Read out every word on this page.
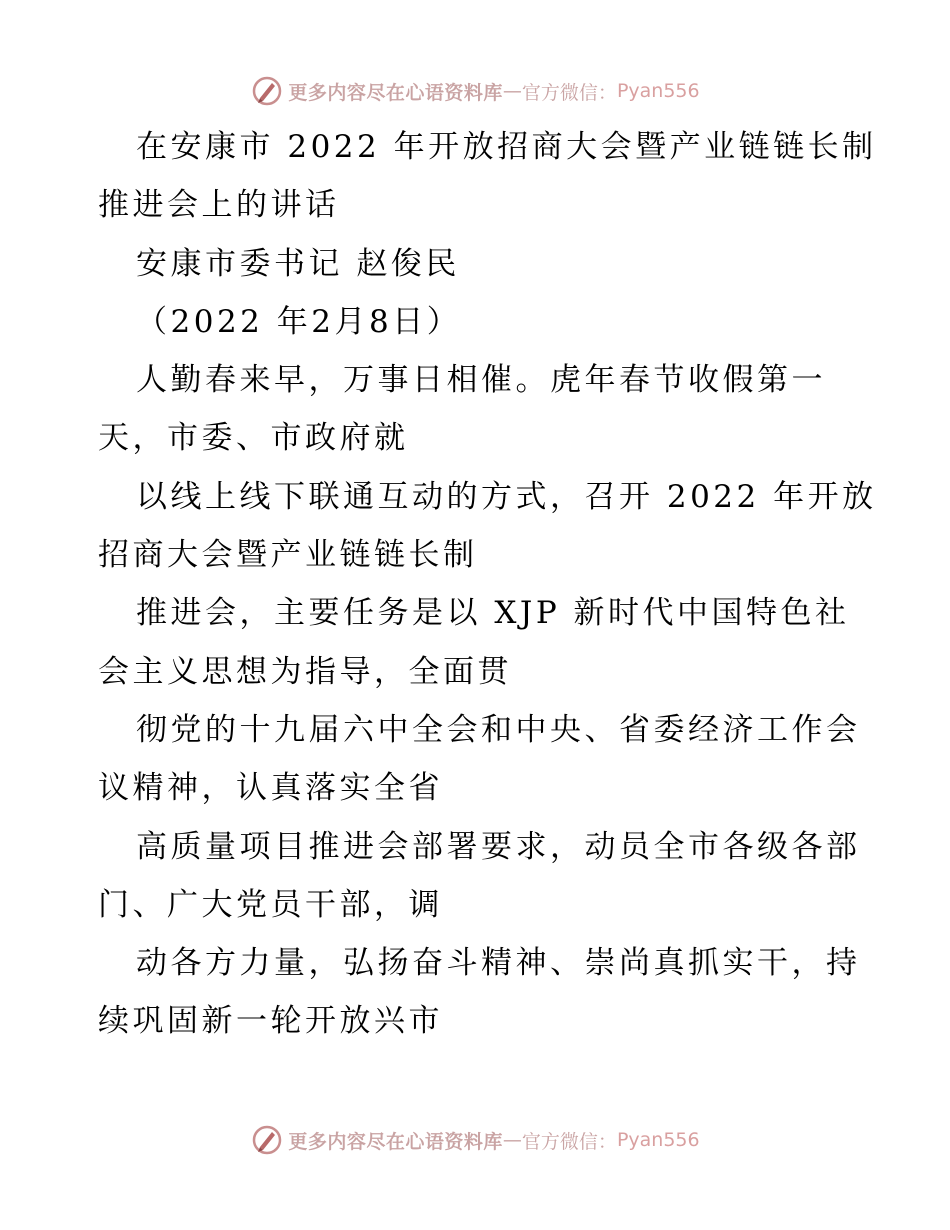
更多内容尽在心语资料库 — 官方微信： Pyan556
在安康市 2022 年开放招商大会暨产业链链长制
推进会上的讲话
安康市委书记 赵俊民
（2022 年2月8日）
人勤春来早，万事日相催。虎年春节收假第一
天，市委、市政府就
以线上线下联通互动的方式，召开 2022 年开放
招商大会暨产业链链长制
推进会，主要任务是以 XJP 新时代中国特色社
会主义思想为指导，全面贯
彻党的十九届六中全会和中央、省委经济工作会
议精神，认真落实全省
高质量项目推进会部署要求，动员全市各级各部
门、广大党员干部，调
动各方力量，弘扬奋斗精神、崇尚真抓实干，持
续巩固新一轮开放兴市
更多内容尽在心语资料库 — 官方微信： Pyan556
